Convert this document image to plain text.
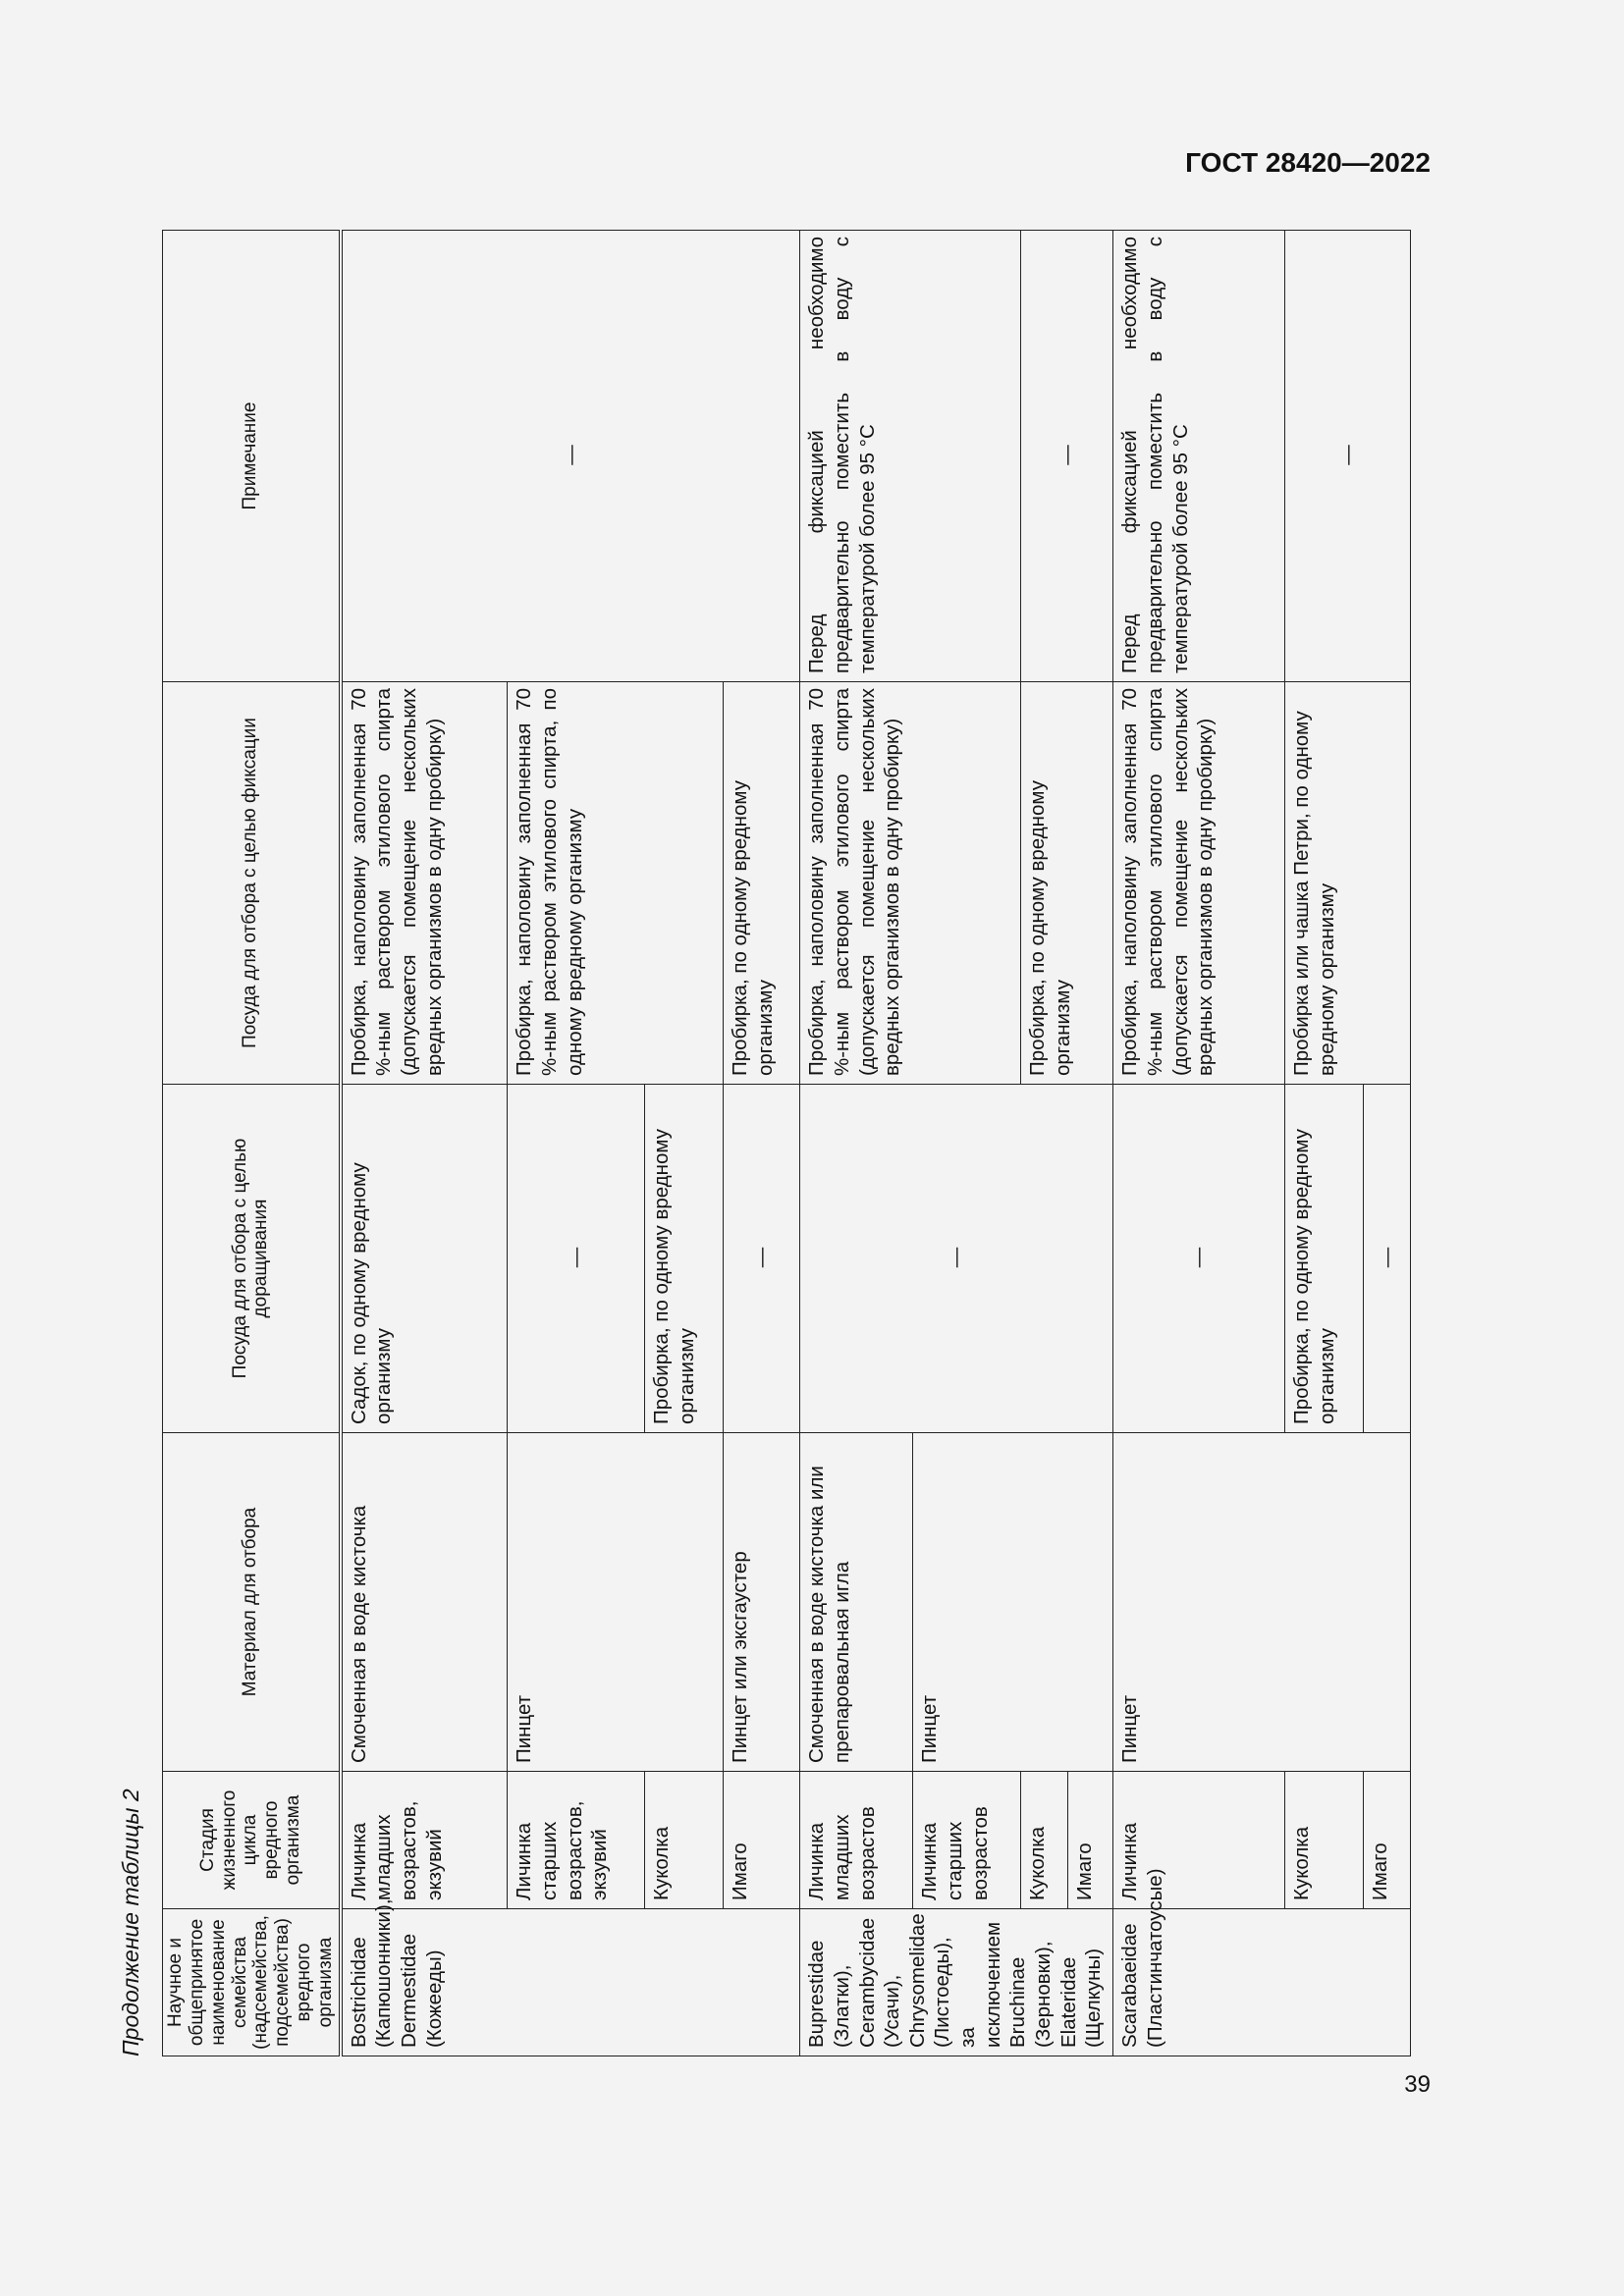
ГОСТ 28420—2022
39
Продолжение таблицы 2	Научное и общепринятое наименование семейства (надсемейства, подсемейства) вредного организма	Стадия жизненного цикла вредного организма	Материал для отбора	Посуда для отбора с целью доращивания	Посуда для отбора с целью фиксации	Примечание
Bostrichidae (Капюшонники), Dermestidae (Кожееды)	Личинка младших возрастов, экзувий	Смоченная в воде кисточка	Садок, по одному вредному организму	Пробирка, наполовину заполненная 70 %-ным раствором этилового спирта (допускается помещение нескольких вредных организмов в одну пробирку)	—
	Личинка старших возрастов, экзувий	Пинцет	—	Пробирка, наполовину заполненная 70 %-ным раствором этилового спирта, по одному вредному организму	
	Куколка		Пробирка, по одному вредному организму		
	Имаго	Пинцет или эксгаустер	—	Пробирка, по одному вредному организму	
Buprestidae (Златки), Cerambycidae (Усачи), Chrysomelidae (Листоеды), за исключением Bruchinae (Зерновки), Elateridae (Щелкуны)	Личинка младших возрастов	Смоченная в воде кисточка или препаровальная игла	—	Пробирка, наполовину заполненная 70 %-ным раствором этилового спирта (допускается помещение нескольких вредных организмов в одну пробирку)	Перед фиксацией необходимо предварительно поместить в воду с температурой более 95 °С
	Личинка старших возрастов	Пинцет			
	Куколка			Пробирка, по одному вредному организму	—
	Имаго				
Scarabaeidae (Пластинчатоусые)	Личинка	Пинцет	—	Пробирка, наполовину заполненная 70 %-ным раствором этилового спирта (допускается помещение нескольких вредных организмов в одну пробирку)	Перед фиксацией необходимо предварительно поместить в воду с температурой более 95 °С
	Куколка		Пробирка, по одному вредному организму	Пробирка или чашка Петри, по одному вредному организму	—
	Имаго		—		
